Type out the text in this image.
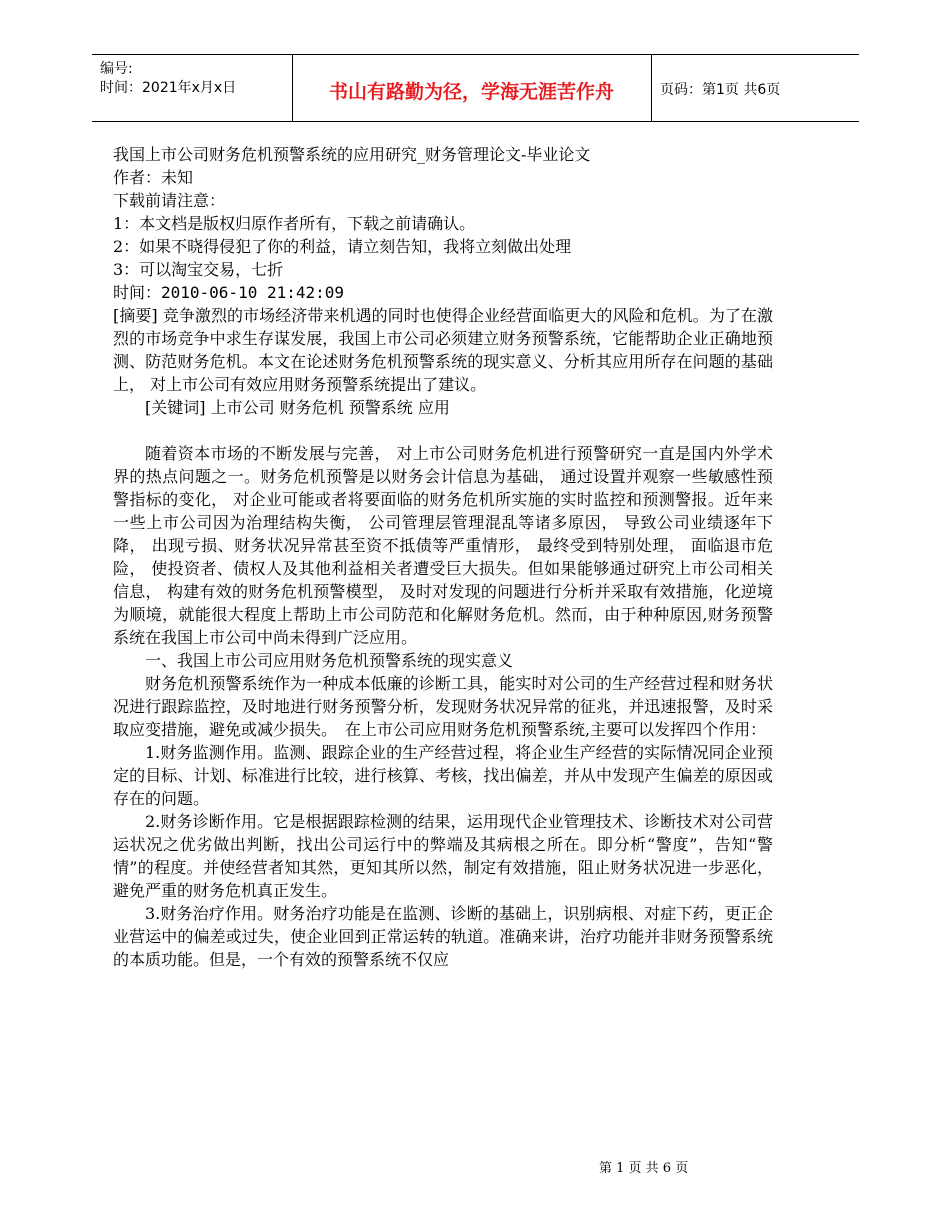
编号:
时间：2021年x月x日	书山有路勤为径，学海无涯苦作舟	页码：第1页 共6页

我国上市公司财务危机预警系统的应用研究_财务管理论文-毕业论文

作者：未知

下载前请注意：

1：本文档是版权归原作者所有，下载之前请确认。

2：如果不晓得侵犯了你的利益，请立刻告知，我将立刻做出处理

3：可以淘宝交易，七折

时间：2010-06-10 21:42:09

[摘要] 竞争激烈的市场经济带来机遇的同时也使得企业经营面临更大的风险和危机。为了在激烈的市场竞争中求生存谋发展，我国上市公司必须建立财务预警系统，它能帮助企业正确地预测、防范财务危机。本文在论述财务危机预警系统的现实意义、分析其应用所存在问题的基础上， 对上市公司有效应用财务预警系统提出了建议。

[关键词] 上市公司 财务危机 预警系统 应用

随着资本市场的不断发展与完善， 对上市公司财务危机进行预警研究一直是国内外学术界的热点问题之一。财务危机预警是以财务会计信息为基础， 通过设置并观察一些敏感性预警指标的变化， 对企业可能或者将要面临的财务危机所实施的实时监控和预测警报。近年来一些上市公司因为治理结构失衡， 公司管理层管理混乱等诸多原因， 导致公司业绩逐年下降， 出现亏损、财务状况异常甚至资不抵债等严重情形， 最终受到特别处理， 面临退市危险， 使投资者、债权人及其他利益相关者遭受巨大损失。但如果能够通过研究上市公司相关信息， 构建有效的财务危机预警模型， 及时对发现的问题进行分析并采取有效措施，化逆境为顺境，就能很大程度上帮助上市公司防范和化解财务危机。然而，由于种种原因,财务预警系统在我国上市公司中尚未得到广泛应用。

一、我国上市公司应用财务危机预警系统的现实意义

财务危机预警系统作为一种成本低廉的诊断工具，能实时对公司的生产经营过程和财务状况进行跟踪监控，及时地进行财务预警分析，发现财务状况异常的征兆，并迅速报警，及时采取应变措施，避免或减少损失。　在上市公司应用财务危机预警系统,主要可以发挥四个作用：

1.财务监测作用。监测、跟踪企业的生产经营过程，将企业生产经营的实际情况同企业预定的目标、计划、标准进行比较，进行核算、考核，找出偏差，并从中发现产生偏差的原因或存在的问题。

2.财务诊断作用。它是根据跟踪检测的结果，运用现代企业管理技术、诊断技术对公司营运状况之优劣做出判断，找出公司运行中的弊端及其病根之所在。即分析“警度”，告知“警情”的程度。并使经营者知其然，更知其所以然，制定有效措施，阻止财务状况进一步恶化，避免严重的财务危机真正发生。

3.财务治疗作用。财务治疗功能是在监测、诊断的基础上，识别病根、对症下药，更正企业营运中的偏差或过失，使企业回到正常运转的轨道。准确来讲，治疗功能并非财务预警系统的本质功能。但是，一个有效的预警系统不仅应

第 1 页 共 6 页
